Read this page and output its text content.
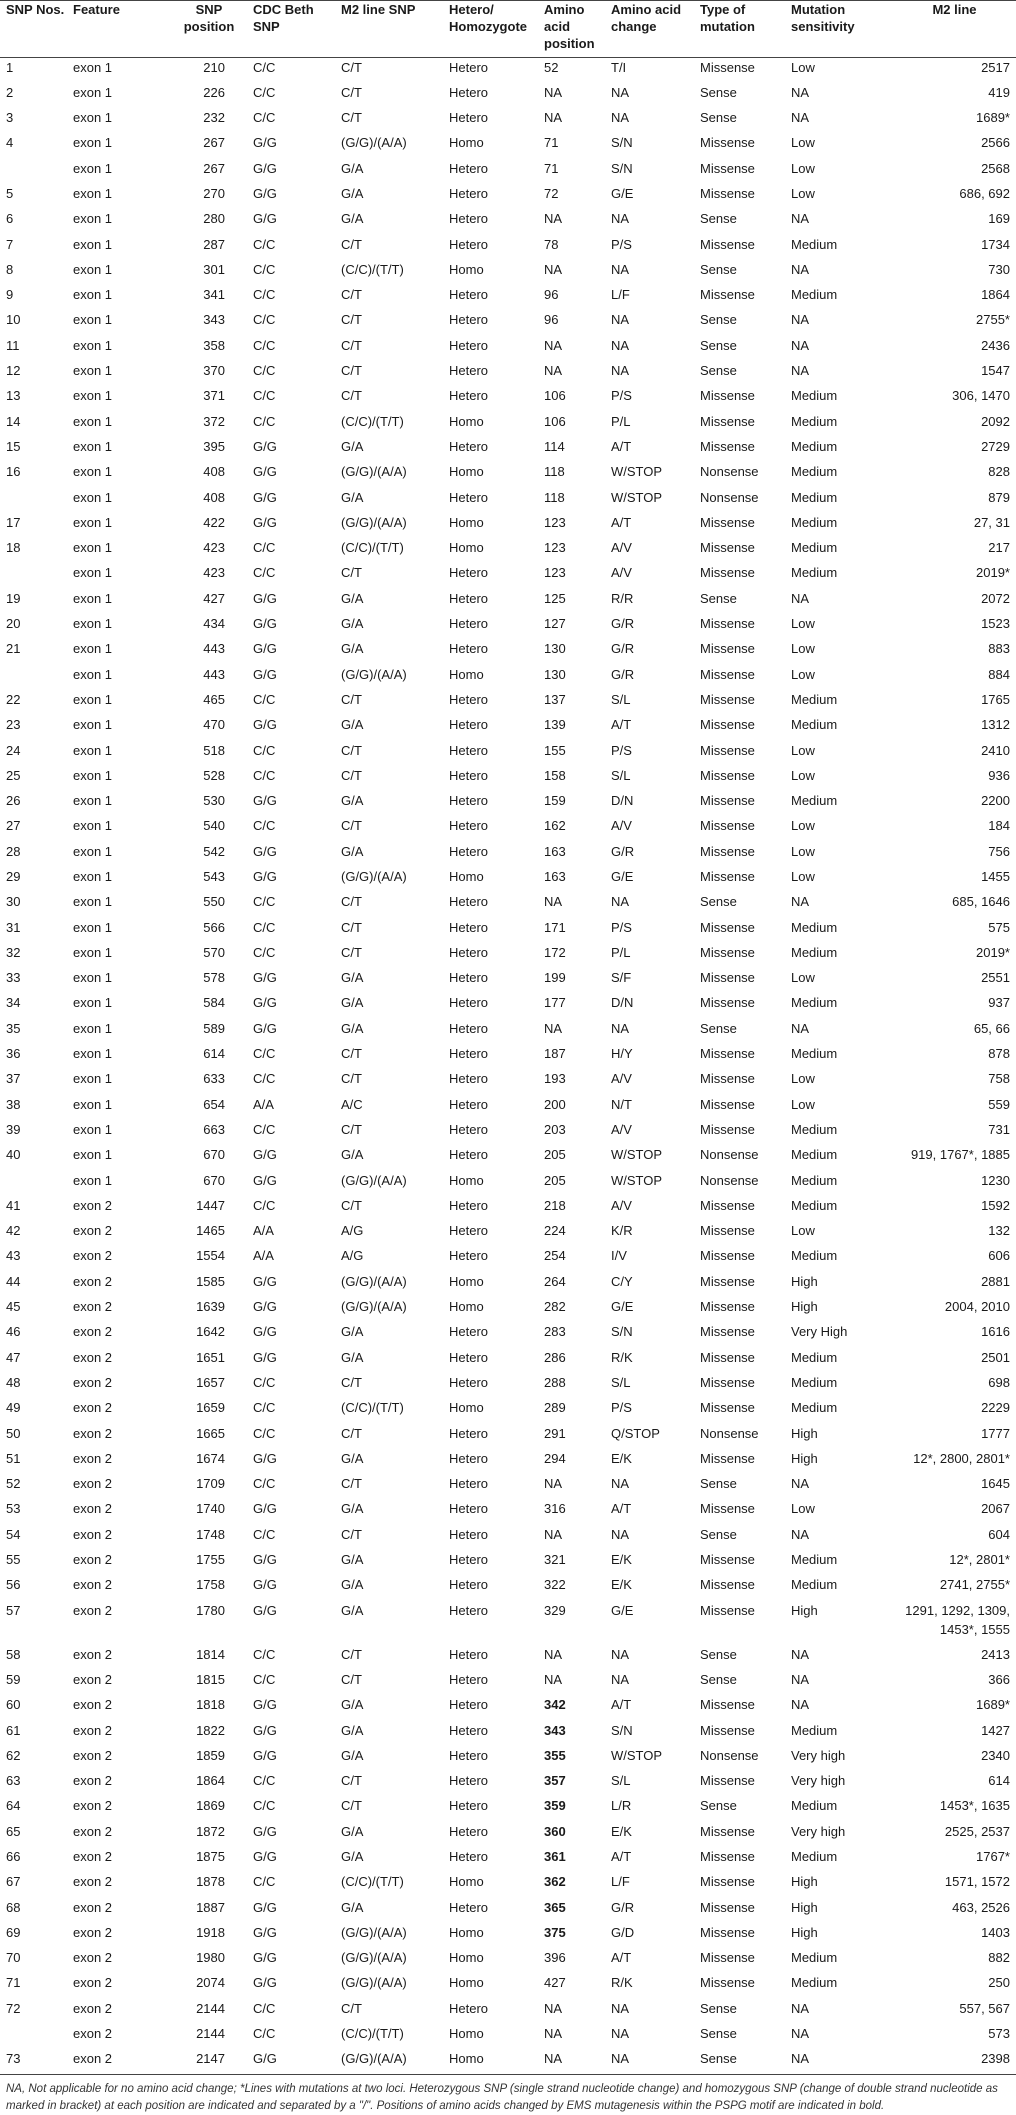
SNP Nos.	Feature	SNP position	CDC Beth SNP	M2 line SNP	Hetero/ Homozygote	Amino acid position	Amino acid change	Type of mutation	Mutation sensitivity	M2 line
1	exon 1	210	C/C	C/T	Hetero	52	T/I	Missense	Low	2517
2	exon 1	226	C/C	C/T	Hetero	NA	NA	Sense	NA	419
3	exon 1	232	C/C	C/T	Hetero	NA	NA	Sense	NA	1689*
4	exon 1	267	G/G	(G/G)/(A/A)	Homo	71	S/N	Missense	Low	2566
	exon 1	267	G/G	G/A	Hetero	71	S/N	Missense	Low	2568
5	exon 1	270	G/G	G/A	Hetero	72	G/E	Missense	Low	686, 692
6	exon 1	280	G/G	G/A	Hetero	NA	NA	Sense	NA	169
7	exon 1	287	C/C	C/T	Hetero	78	P/S	Missense	Medium	1734
8	exon 1	301	C/C	(C/C)/(T/T)	Homo	NA	NA	Sense	NA	730
9	exon 1	341	C/C	C/T	Hetero	96	L/F	Missense	Medium	1864
10	exon 1	343	C/C	C/T	Hetero	96	NA	Sense	NA	2755*
11	exon 1	358	C/C	C/T	Hetero	NA	NA	Sense	NA	2436
12	exon 1	370	C/C	C/T	Hetero	NA	NA	Sense	NA	1547
13	exon 1	371	C/C	C/T	Hetero	106	P/S	Missense	Medium	306, 1470
14	exon 1	372	C/C	(C/C)/(T/T)	Homo	106	P/L	Missense	Medium	2092
15	exon 1	395	G/G	G/A	Hetero	114	A/T	Missense	Medium	2729
16	exon 1	408	G/G	(G/G)/(A/A)	Homo	118	W/STOP	Nonsense	Medium	828
	exon 1	408	G/G	G/A	Hetero	118	W/STOP	Nonsense	Medium	879
17	exon 1	422	G/G	(G/G)/(A/A)	Homo	123	A/T	Missense	Medium	27, 31
18	exon 1	423	C/C	(C/C)/(T/T)	Homo	123	A/V	Missense	Medium	217
	exon 1	423	C/C	C/T	Hetero	123	A/V	Missense	Medium	2019*
19	exon 1	427	G/G	G/A	Hetero	125	R/R	Sense	NA	2072
20	exon 1	434	G/G	G/A	Hetero	127	G/R	Missense	Low	1523
21	exon 1	443	G/G	G/A	Hetero	130	G/R	Missense	Low	883
	exon 1	443	G/G	(G/G)/(A/A)	Homo	130	G/R	Missense	Low	884
22	exon 1	465	C/C	C/T	Hetero	137	S/L	Missense	Medium	1765
23	exon 1	470	G/G	G/A	Hetero	139	A/T	Missense	Medium	1312
24	exon 1	518	C/C	C/T	Hetero	155	P/S	Missense	Low	2410
25	exon 1	528	C/C	C/T	Hetero	158	S/L	Missense	Low	936
26	exon 1	530	G/G	G/A	Hetero	159	D/N	Missense	Medium	2200
27	exon 1	540	C/C	C/T	Hetero	162	A/V	Missense	Low	184
28	exon 1	542	G/G	G/A	Hetero	163	G/R	Missense	Low	756
29	exon 1	543	G/G	(G/G)/(A/A)	Homo	163	G/E	Missense	Low	1455
30	exon 1	550	C/C	C/T	Hetero	NA	NA	Sense	NA	685, 1646
31	exon 1	566	C/C	C/T	Hetero	171	P/S	Missense	Medium	575
32	exon 1	570	C/C	C/T	Hetero	172	P/L	Missense	Medium	2019*
33	exon 1	578	G/G	G/A	Hetero	199	S/F	Missense	Low	2551
34	exon 1	584	G/G	G/A	Hetero	177	D/N	Missense	Medium	937
35	exon 1	589	G/G	G/A	Hetero	NA	NA	Sense	NA	65, 66
36	exon 1	614	C/C	C/T	Hetero	187	H/Y	Missense	Medium	878
37	exon 1	633	C/C	C/T	Hetero	193	A/V	Missense	Low	758
38	exon 1	654	A/A	A/C	Hetero	200	N/T	Missense	Low	559
39	exon 1	663	C/C	C/T	Hetero	203	A/V	Missense	Medium	731
40	exon 1	670	G/G	G/A	Hetero	205	W/STOP	Nonsense	Medium	919, 1767*, 1885
	exon 1	670	G/G	(G/G)/(A/A)	Homo	205	W/STOP	Nonsense	Medium	1230
41	exon 2	1447	C/C	C/T	Hetero	218	A/V	Missense	Medium	1592
42	exon 2	1465	A/A	A/G	Hetero	224	K/R	Missense	Low	132
43	exon 2	1554	A/A	A/G	Hetero	254	I/V	Missense	Medium	606
44	exon 2	1585	G/G	(G/G)/(A/A)	Homo	264	C/Y	Missense	High	2881
45	exon 2	1639	G/G	(G/G)/(A/A)	Homo	282	G/E	Missense	High	2004, 2010
46	exon 2	1642	G/G	G/A	Hetero	283	S/N	Missense	Very High	1616
47	exon 2	1651	G/G	G/A	Hetero	286	R/K	Missense	Medium	2501
48	exon 2	1657	C/C	C/T	Hetero	288	S/L	Missense	Medium	698
49	exon 2	1659	C/C	(C/C)/(T/T)	Homo	289	P/S	Missense	Medium	2229
50	exon 2	1665	C/C	C/T	Hetero	291	Q/STOP	Nonsense	High	1777
51	exon 2	1674	G/G	G/A	Hetero	294	E/K	Missense	High	12*, 2800, 2801*
52	exon 2	1709	C/C	C/T	Hetero	NA	NA	Sense	NA	1645
53	exon 2	1740	G/G	G/A	Hetero	316	A/T	Missense	Low	2067
54	exon 2	1748	C/C	C/T	Hetero	NA	NA	Sense	NA	604
55	exon 2	1755	G/G	G/A	Hetero	321	E/K	Missense	Medium	12*, 2801*
56	exon 2	1758	G/G	G/A	Hetero	322	E/K	Missense	Medium	2741, 2755*
57	exon 2	1780	G/G	G/A	Hetero	329	G/E	Missense	High	1291, 1292, 1309, 1453*, 1555
58	exon 2	1814	C/C	C/T	Hetero	NA	NA	Sense	NA	2413
59	exon 2	1815	C/C	C/T	Hetero	NA	NA	Sense	NA	366
60	exon 2	1818	G/G	G/A	Hetero	342	A/T	Missense	NA	1689*
61	exon 2	1822	G/G	G/A	Hetero	343	S/N	Missense	Medium	1427
62	exon 2	1859	G/G	G/A	Hetero	355	W/STOP	Nonsense	Very high	2340
63	exon 2	1864	C/C	C/T	Hetero	357	S/L	Missense	Very high	614
64	exon 2	1869	C/C	C/T	Hetero	359	L/R	Sense	Medium	1453*, 1635
65	exon 2	1872	G/G	G/A	Hetero	360	E/K	Missense	Very high	2525, 2537
66	exon 2	1875	G/G	G/A	Hetero	361	A/T	Missense	Medium	1767*
67	exon 2	1878	C/C	(C/C)/(T/T)	Homo	362	L/F	Missense	High	1571, 1572
68	exon 2	1887	G/G	G/A	Hetero	365	G/R	Missense	High	463, 2526
69	exon 2	1918	G/G	(G/G)/(A/A)	Homo	375	G/D	Missense	High	1403
70	exon 2	1980	G/G	(G/G)/(A/A)	Homo	396	A/T	Missense	Medium	882
71	exon 2	2074	G/G	(G/G)/(A/A)	Homo	427	R/K	Missense	Medium	250
72	exon 2	2144	C/C	C/T	Hetero	NA	NA	Sense	NA	557, 567
	exon 2	2144	C/C	(C/C)/(T/T)	Homo	NA	NA	Sense	NA	573
73	exon 2	2147	G/G	(G/G)/(A/A)	Homo	NA	NA	Sense	NA	2398
NA, Not applicable for no amino acid change; *Lines with mutations at two loci. Heterozygous SNP (single strand nucleotide change) and homozygous SNP (change of double strand nucleotide as marked in bracket) at each position are indicated and separated by a "/". Positions of amino acids changed by EMS mutagenesis within the PSPG motif are indicated in bold.
